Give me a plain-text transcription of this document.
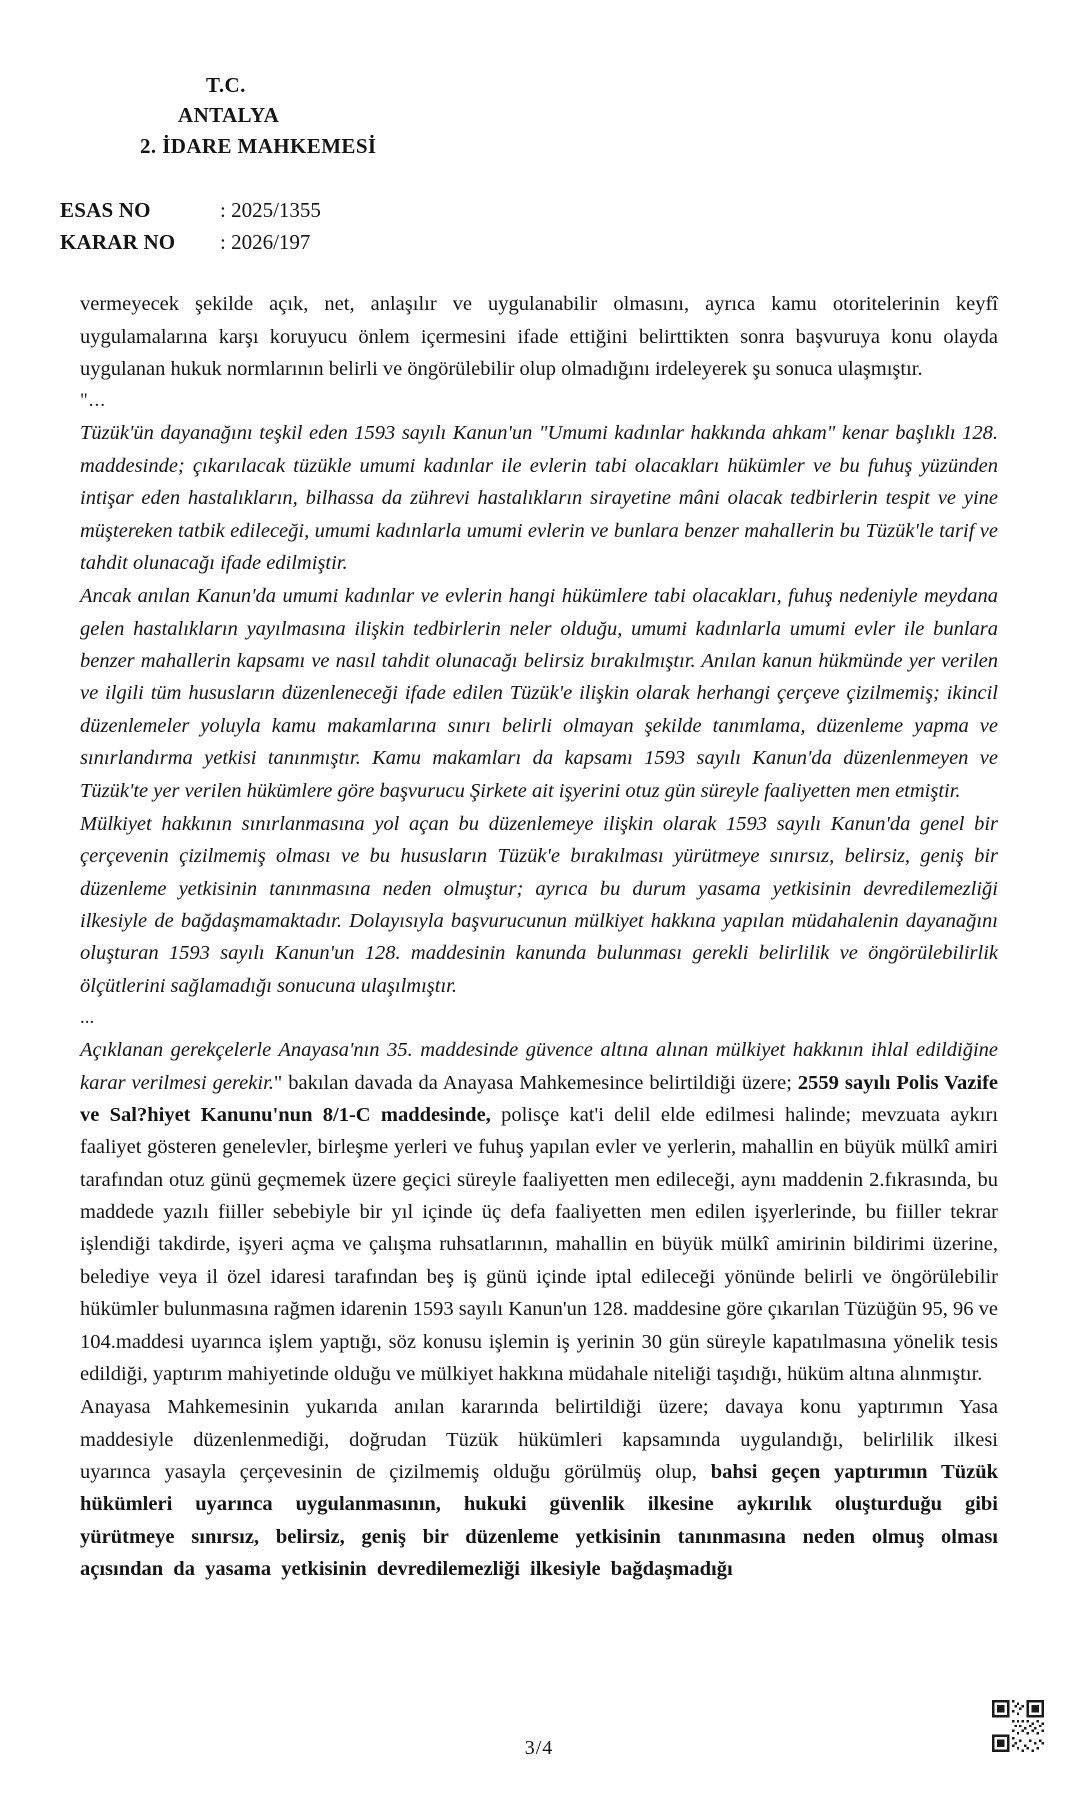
T.C.
ANTALYA
2. İDARE MAHKEMESİ
ESAS NO	: 2025/1355
KARAR NO	: 2026/197

vermeyecek şekilde açık, net, anlaşılır ve uygulanabilir olmasını, ayrıca kamu otoritelerinin keyfî uygulamalarına karşı koruyucu önlem içermesini ifade ettiğini belirttikten sonra başvuruya konu olayda uygulanan hukuk normlarının belirli ve öngörülebilir olup olmadığını irdeleyerek şu sonuca ulaşmıştır.

"...

Tüzük'ün dayanağını teşkil eden 1593 sayılı Kanun'un "Umumi kadınlar hakkında ahkam" kenar başlıklı 128. maddesinde; çıkarılacak tüzükle umumi kadınlar ile evlerin tabi olacakları hükümler ve bu fuhuş yüzünden intişar eden hastalıkların, bilhassa da zührevi hastalıkların sirayetine mâni olacak tedbirlerin tespit ve yine müştereken tatbik edileceği, umumi kadınlarla umumi evlerin ve bunlara benzer mahallerin bu Tüzük'le tarif ve tahdit olunacağı ifade edilmiştir.

Ancak anılan Kanun'da umumi kadınlar ve evlerin hangi hükümlere tabi olacakları, fuhuş nedeniyle meydana gelen hastalıkların yayılmasına ilişkin tedbirlerin neler olduğu, umumi kadınlarla umumi evler ile bunlara benzer mahallerin kapsamı ve nasıl tahdit olunacağı belirsiz bırakılmıştır. Anılan kanun hükmünde yer verilen ve ilgili tüm hususların düzenleneceği ifade edilen Tüzük'e ilişkin olarak herhangi çerçeve çizilmemiş; ikincil düzenlemeler yoluyla kamu makamlarına sınırı belirli olmayan şekilde tanımlama, düzenleme yapma ve sınırlandırma yetkisi tanınmıştır. Kamu makamları da kapsamı 1593 sayılı Kanun'da düzenlenmeyen ve Tüzük'te yer verilen hükümlere göre başvurucu Şirkete ait işyerini otuz gün süreyle faaliyetten men etmiştir.

Mülkiyet hakkının sınırlanmasına yol açan bu düzenlemeye ilişkin olarak 1593 sayılı Kanun'da genel bir çerçevenin çizilmemiş olması ve bu hususların Tüzük'e bırakılması yürütmeye sınırsız, belirsiz, geniş bir düzenleme yetkisinin tanınmasına neden olmuştur; ayrıca bu durum yasama yetkisinin devredilemezliği ilkesiyle de bağdaşmamaktadır. Dolayısıyla başvurucunun mülkiyet hakkına yapılan müdahalenin dayanağını oluşturan 1593 sayılı Kanun'un 128. maddesinin kanunda bulunması gerekli belirlilik ve öngörülebilirlik ölçütlerini sağlamadığı sonucuna ulaşılmıştır.

...

Açıklanan gerekçelerle Anayasa'nın 35. maddesinde güvence altına alınan mülkiyet hakkının ihlal edildiğine karar verilmesi gerekir." bakılan davada da Anayasa Mahkemesince belirtildiği üzere; 2559 sayılı Polis Vazife ve Sal?hiyet Kanunu'nun 8/1-C maddesinde, polisçe kat'i delil elde edilmesi halinde; mevzuata aykırı faaliyet gösteren genelevler, birleşme yerleri ve fuhuş yapılan evler ve yerlerin, mahallin en büyük mülkî amiri tarafından otuz günü geçmemek üzere geçici süreyle faaliyetten men edileceği, aynı maddenin 2.fıkrasında, bu maddede yazılı fiiller sebebiyle bir yıl içinde üç defa faaliyetten men edilen işyerlerinde, bu fiiller tekrar işlendiği takdirde, işyeri açma ve çalışma ruhsatlarının, mahallin en büyük mülkî amirinin bildirimi üzerine, belediye veya il özel idaresi tarafından beş iş günü içinde iptal edileceği yönünde belirli ve öngörülebilir hükümler bulunmasına rağmen idarenin 1593 sayılı Kanun'un 128. maddesine göre çıkarılan Tüzüğün 95, 96 ve 104.maddesi uyarınca işlem yaptığı, söz konusu işlemin iş yerinin 30 gün süreyle kapatılmasına yönelik tesis edildiği, yaptırım mahiyetinde olduğu ve mülkiyet hakkına müdahale niteliği taşıdığı, hüküm altına alınmıştır.

Anayasa Mahkemesinin yukarıda anılan kararında belirtildiği üzere; davaya konu yaptırımın Yasa maddesiyle düzenlenmediği, doğrudan Tüzük hükümleri kapsamında uygulandığı, belirlilik ilkesi uyarınca yasayla çerçevesinin de çizilmemiş olduğu görülmüş olup, bahsi geçen yaptırımın Tüzük hükümleri uyarınca uygulanmasının, hukuki güvenlik ilkesine aykırılık oluşturduğu gibi yürütmeye sınırsız, belirsiz, geniş bir düzenleme yetkisinin tanınmasına neden olmuş olması açısından da yasama yetkisinin devredilemezliği ilkesiyle bağdaşmadığı

3/4
